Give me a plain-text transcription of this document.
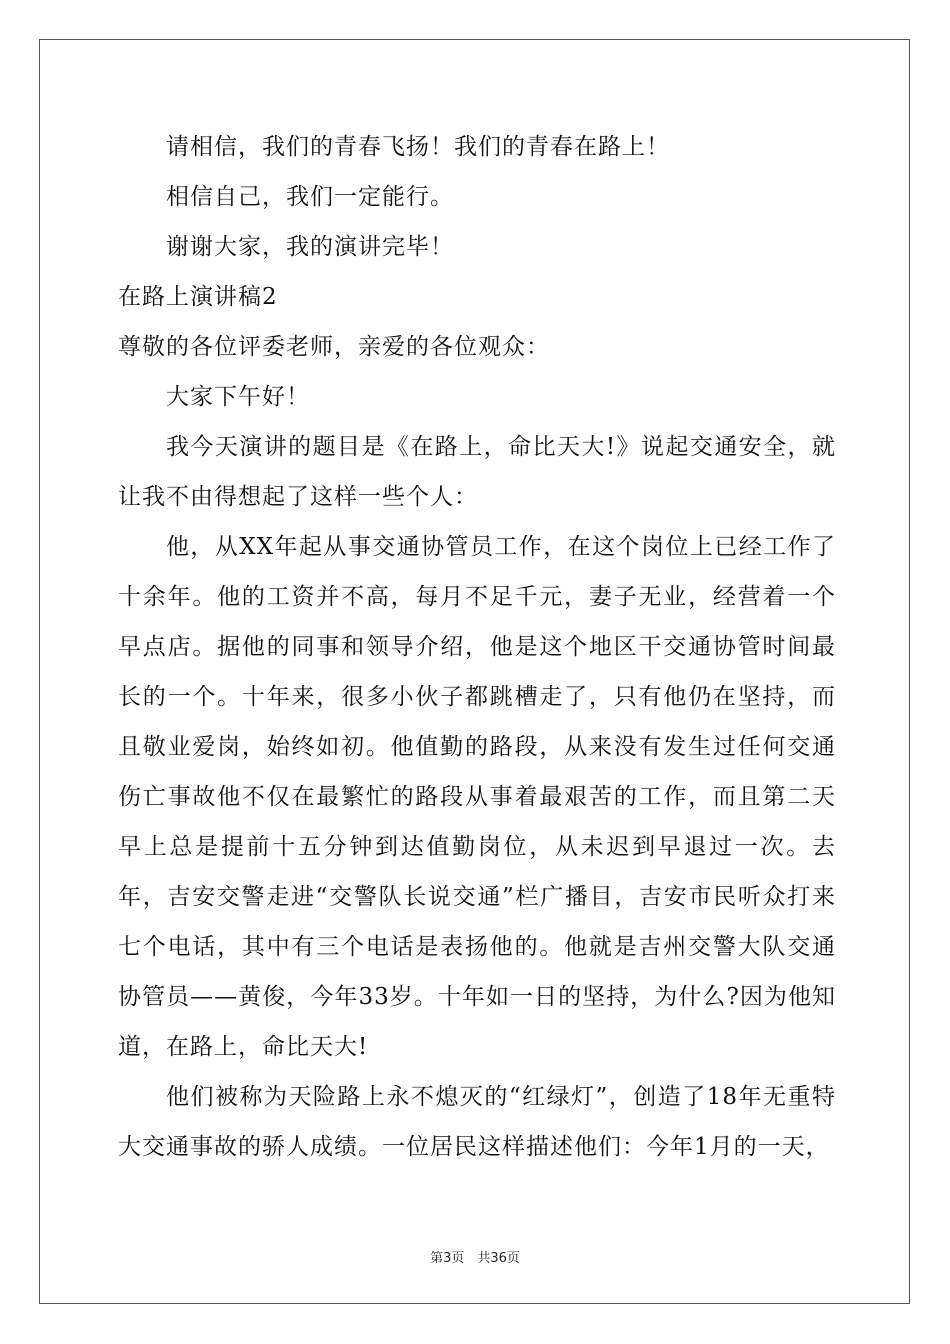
请相信，我们的青春飞扬！我们的青春在路上！

相信自己，我们一定能行。

谢谢大家，我的演讲完毕！

在路上演讲稿2

尊敬的各位评委老师，亲爱的各位观众：

大家下午好！

我今天演讲的题目是《在路上，命比天大!》说起交通安全，就让我不由得想起了这样一些个人：

他，从XX年起从事交通协管员工作，在这个岗位上已经工作了十余年。他的工资并不高，每月不足千元，妻子无业，经营着一个早点店。据他的同事和领导介绍，他是这个地区干交通协管时间最长的一个。十年来，很多小伙子都跳槽走了，只有他仍在坚持，而且敬业爱岗，始终如初。他值勤的路段，从来没有发生过任何交通伤亡事故他不仅在最繁忙的路段从事着最艰苦的工作，而且第二天早上总是提前十五分钟到达值勤岗位，从未迟到早退过一次。去年，吉安交警走进“交警队长说交通”栏广播目，吉安市民听众打来七个电话，其中有三个电话是表扬他的。他就是吉州交警大队交通协管员——黄俊，今年33岁。十年如一日的坚持，为什么?因为他知道，在路上，命比天大!

他们被称为天险路上永不熄灭的“红绿灯”，创造了18年无重特大交通事故的骄人成绩。一位居民这样描述他们：今年1月的一天，

第3页　共36页
